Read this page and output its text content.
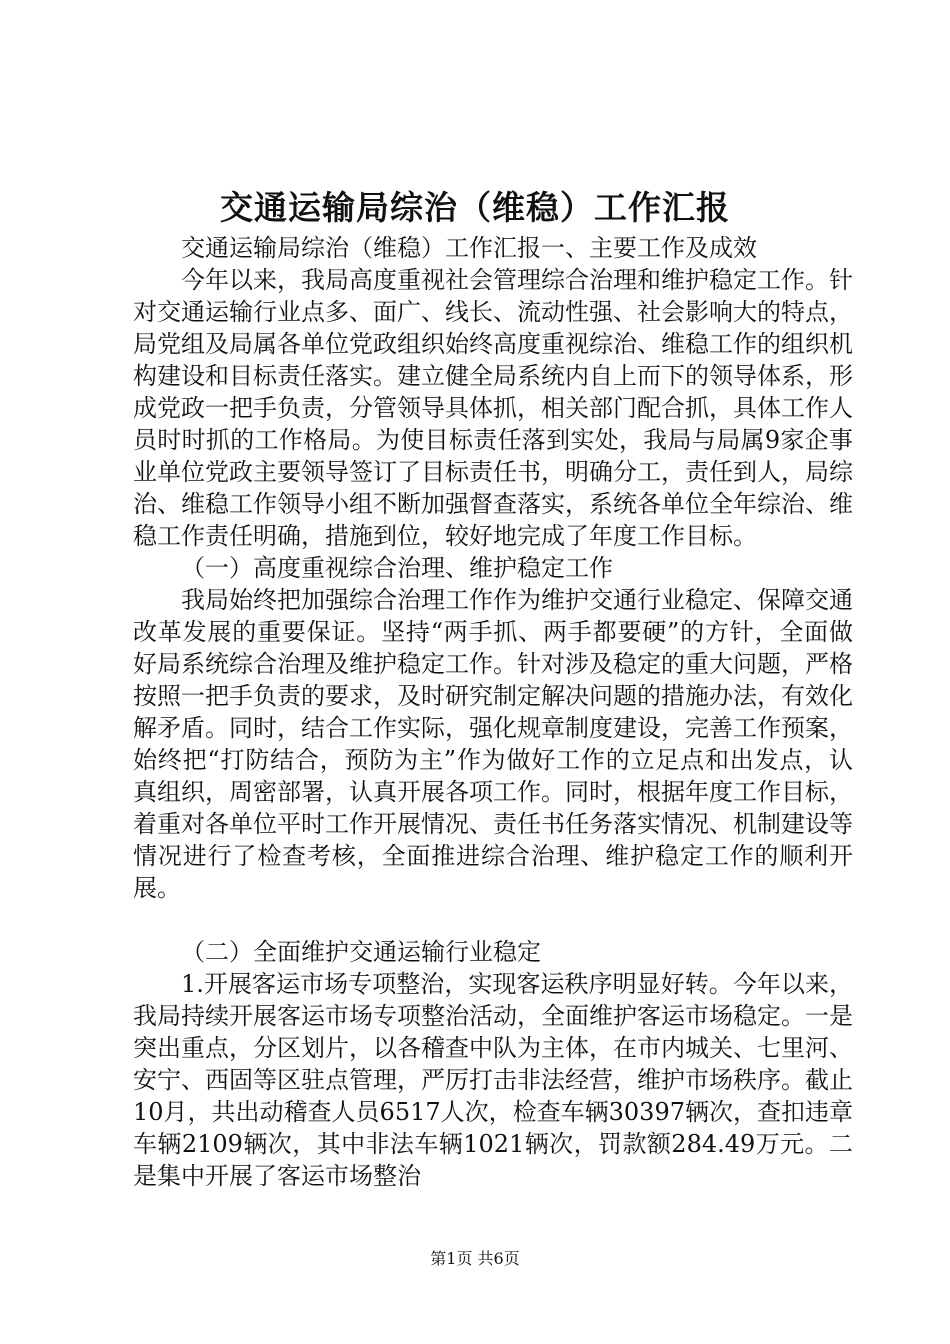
交通运输局综治（维稳）工作汇报

交通运输局综治（维稳）工作汇报一、主要工作及成效

今年以来，我局高度重视社会管理综合治理和维护稳定工作。针对交通运输行业点多、面广、线长、流动性强、社会影响大的特点，局党组及局属各单位党政组织始终高度重视综治、维稳工作的组织机构建设和目标责任落实。建立健全局系统内自上而下的领导体系，形成党政一把手负责，分管领导具体抓，相关部门配合抓，具体工作人员时时抓的工作格局。为使目标责任落到实处，我局与局属9家企事业单位党政主要领导签订了目标责任书，明确分工，责任到人，局综治、维稳工作领导小组不断加强督查落实，系统各单位全年综治、维稳工作责任明确，措施到位，较好地完成了年度工作目标。

（一）高度重视综合治理、维护稳定工作

我局始终把加强综合治理工作作为维护交通行业稳定、保障交通改革发展的重要保证。坚持“两手抓、两手都要硬”的方针，全面做好局系统综合治理及维护稳定工作。针对涉及稳定的重大问题，严格按照一把手负责的要求，及时研究制定解决问题的措施办法，有效化解矛盾。同时，结合工作实际，强化规章制度建设，完善工作预案，始终把“打防结合，预防为主”作为做好工作的立足点和出发点，认真组织，周密部署，认真开展各项工作。同时，根据年度工作目标，着重对各单位平时工作开展情况、责任书任务落实情况、机制建设等情况进行了检查考核，全面推进综合治理、维护稳定工作的顺利开展。

（二）全面维护交通运输行业稳定

1.开展客运市场专项整治，实现客运秩序明显好转。今年以来，我局持续开展客运市场专项整治活动，全面维护客运市场稳定。一是突出重点，分区划片，以各稽查中队为主体，在市内城关、七里河、安宁、西固等区驻点管理，严厉打击非法经营，维护市场秩序。截止10月，共出动稽查人员6517人次，检查车辆30397辆次，查扣违章车辆2109辆次，其中非法车辆1021辆次，罚款额284.49万元。二是集中开展了客运市场整治

第1页 共6页
